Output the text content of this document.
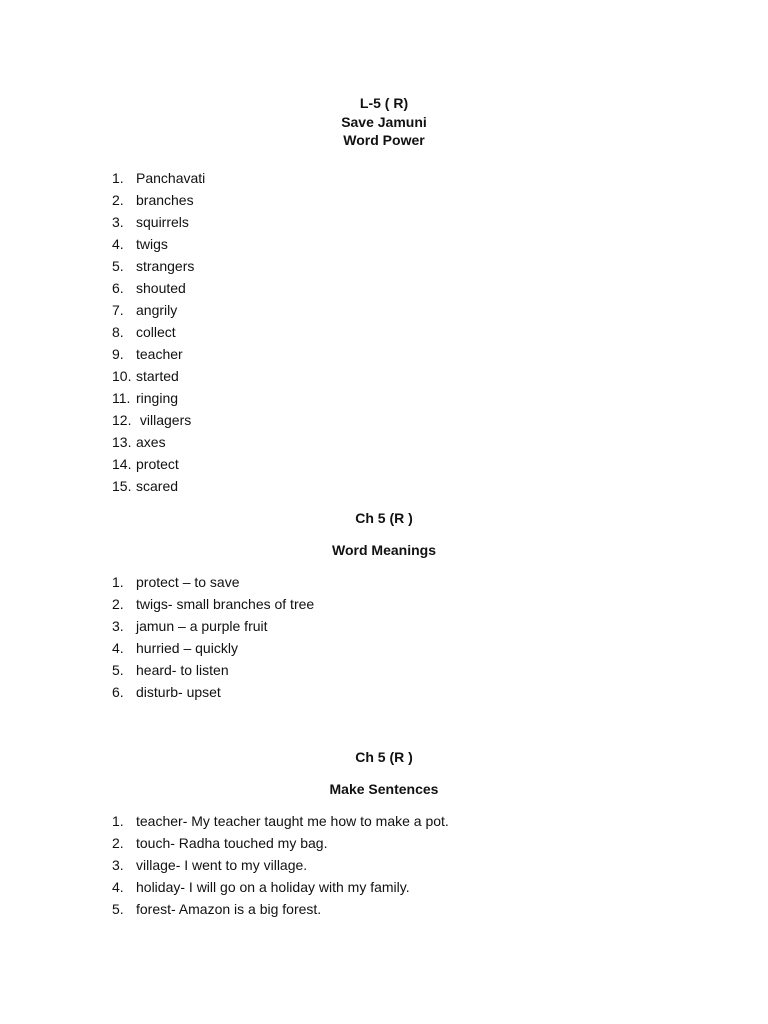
L-5 ( R)
Save Jamuni
Word Power
1. Panchavati
2. branches
3. squirrels
4. twigs
5. strangers
6. shouted
7. angrily
8. collect
9. teacher
10. started
11. ringing
12. villagers
13. axes
14. protect
15. scared
Ch 5 (R )
Word Meanings
1. protect – to save
2. twigs- small branches of tree
3. jamun – a purple fruit
4. hurried – quickly
5. heard- to listen
6. disturb- upset
Ch 5 (R )
Make Sentences
1. teacher- My teacher taught me how to make a pot.
2. touch- Radha touched my bag.
3. village- I went to my village.
4. holiday- I will go on a holiday with my family.
5. forest- Amazon is a big forest.
